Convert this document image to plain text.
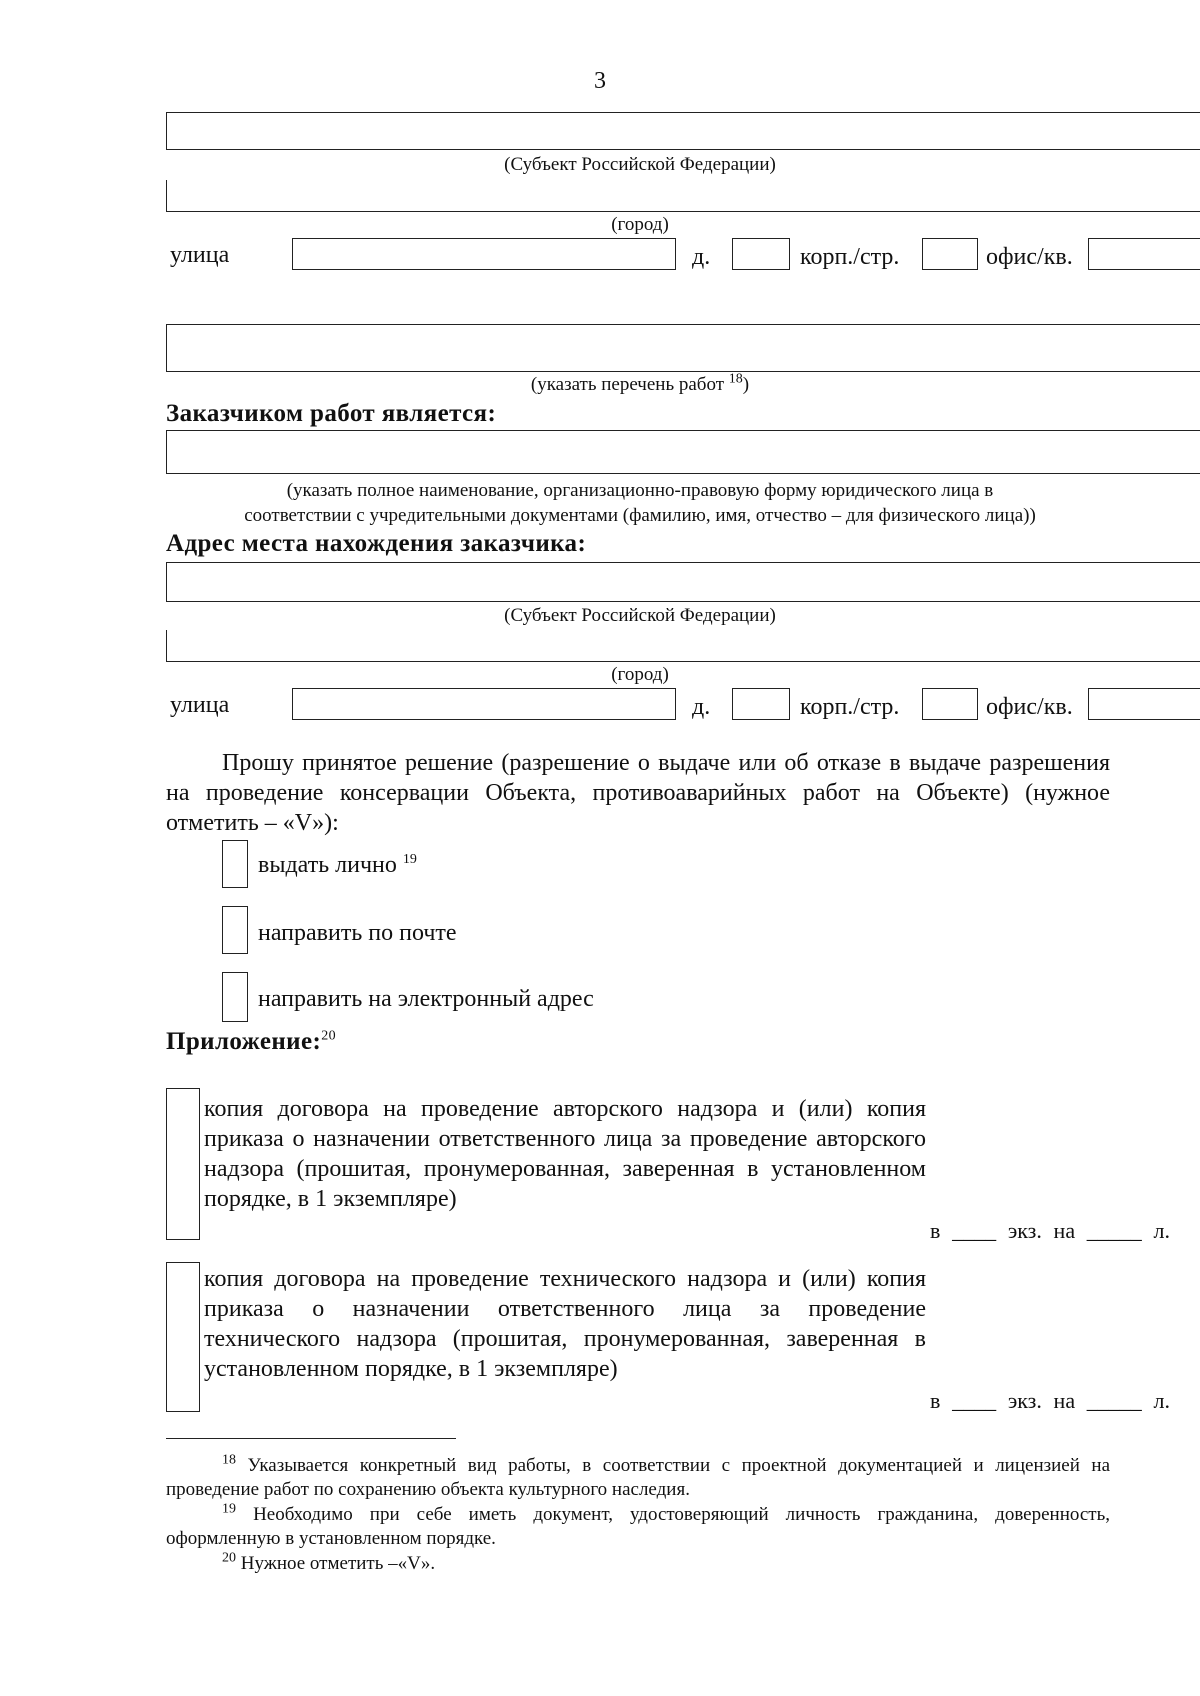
3
(Субъект Российской Федерации)
(город)
улица	д.	корп./стр.	офис/кв.
(указать перечень работ $^{18}$)
Заказчиком работ является:
(указать полное наименование, организационно-правовую форму юридического лица в
соответствии с учредительными документами (фамилию, имя, отчество – для физического лица))
Адрес места нахождения заказчика:
(Субъект Российской Федерации)
(город)
улица	д.	корп./стр.	офис/кв.
Прошу принятое решение (разрешение о выдаче или об отказе в выдаче разрешения на проведение консервации Объекта, противоаварийных работ на Объекте) (нужное отметить – «V»):
выдать лично $^{19}$
направить по почте
направить на электронный адрес
Приложение:$^{20}$
копия договора на проведение авторского надзора и (или) копия приказа о назначении ответственного лица за проведение авторского надзора (прошитая, пронумерованная, заверенная в установленном порядке, в 1 экземпляре)
в ____ экз. на _____ л.
копия договора на проведение технического надзора и (или) копия приказа о назначении ответственного лица за проведение технического надзора (прошитая, пронумерованная, заверенная в установленном порядке, в 1 экземпляре)
в ____ экз. на _____ л.
$^{18}$ Указывается конкретный вид работы, в соответствии с проектной документацией и лицензией на проведение работ по сохранению объекта культурного наследия.
$^{19}$ Необходимо при себе иметь документ, удостоверяющий личность гражданина, доверенность, оформленную в установленном порядке.
$^{20}$ Нужное отметить –«V».
